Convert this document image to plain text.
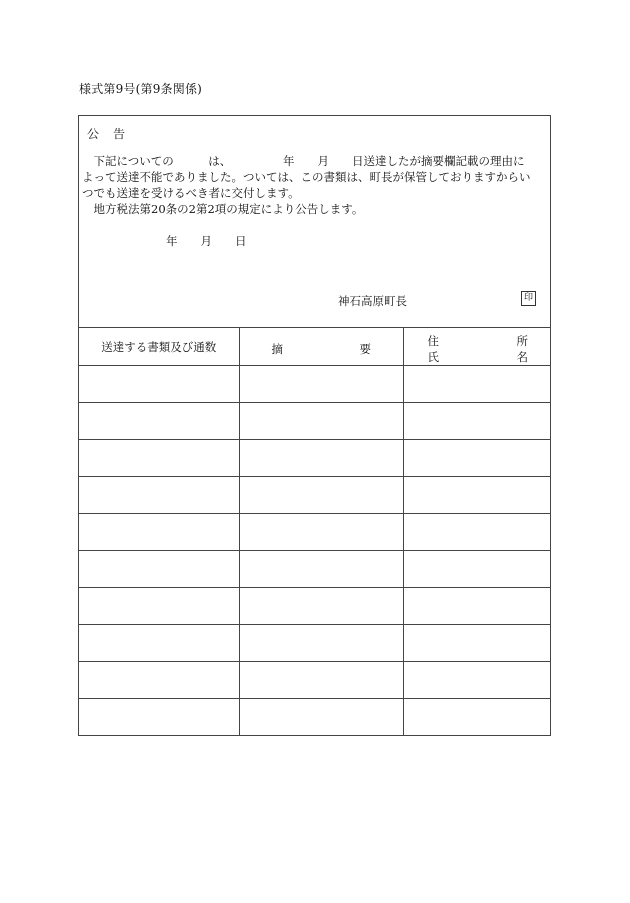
様式第9号(第9条関係)
公 告
　下記についての　　　は、　　　　　年　　月　　日送達したが摘要欄記載の理由に
よって送達不能でありました。ついては、この書類は、町長が保管しておりますからい
つでも送達を受けるべき者に交付します。
　地方税法第20条の2第2項の規定により公告します。
　　年　　月　　日
神石高原町長	印
送達する書類及び通数	摘 要	住 所
氏 名
